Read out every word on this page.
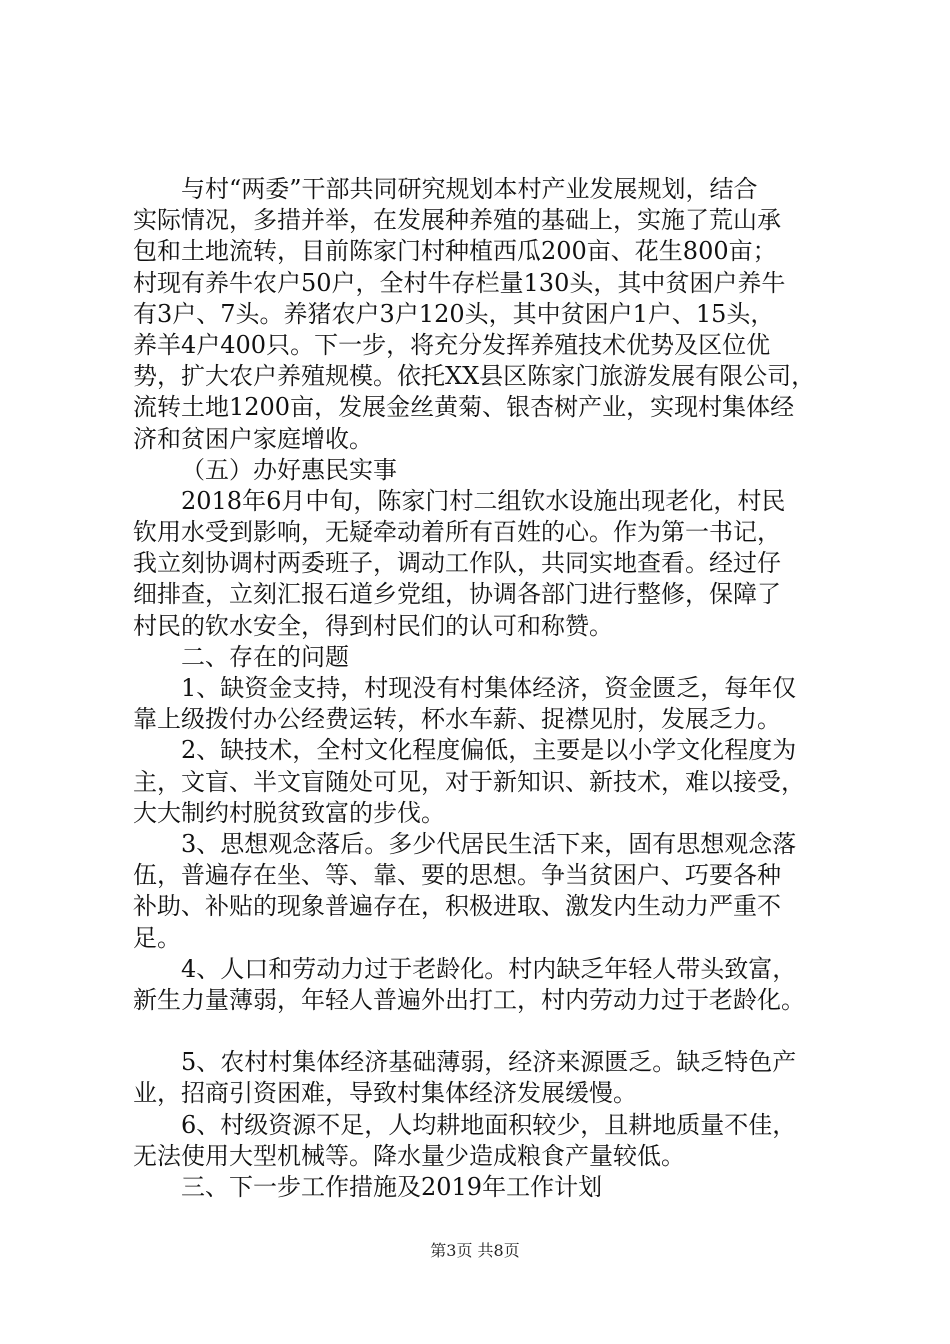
与村“两委”干部共同研究规划本村产业发展规划，结合
实际情况，多措并举，在发展种养殖的基础上，实施了荒山承
包和土地流转，目前陈家门村种植西瓜200亩、花生800亩；
村现有养牛农户50户，全村牛存栏量130头，其中贫困户养牛
有3户、7头。养猪农户3户120头，其中贫困户1户、15头，
养羊4户400只。下一步，将充分发挥养殖技术优势及区位优
势，扩大农户养殖规模。依托XX县区陈家门旅游发展有限公司，
流转土地1200亩，发展金丝黄菊、银杏树产业，实现村集体经
济和贫困户家庭增收。
（五）办好惠民实事
2018年6月中旬，陈家门村二组钦水设施出现老化，村民
钦用水受到影响，无疑牵动着所有百姓的心。作为第一书记，
我立刻协调村两委班子，调动工作队，共同实地查看。经过仔
细排查，立刻汇报石道乡党组，协调各部门进行整修，保障了
村民的钦水安全，得到村民们的认可和称赞。
二、存在的问题
1、缺资金支持，村现没有村集体经济，资金匮乏，每年仅
靠上级拨付办公经费运转，杯水车薪、捉襟见肘，发展乏力。
2、缺技术，全村文化程度偏低，主要是以小学文化程度为
主，文盲、半文盲随处可见，对于新知识、新技术，难以接受，
大大制约村脱贫致富的步伐。
3、思想观念落后。多少代居民生活下来，固有思想观念落
伍，普遍存在坐、等、靠、要的思想。争当贫困户、巧要各种
补助、补贴的现象普遍存在，积极进取、激发内生动力严重不
足。
4、人口和劳动力过于老龄化。村内缺乏年轻人带头致富，
新生力量薄弱，年轻人普遍外出打工，村内劳动力过于老龄化。
5、农村村集体经济基础薄弱，经济来源匮乏。缺乏特色产
业，招商引资困难，导致村集体经济发展缓慢。
6、村级资源不足，人均耕地面积较少，且耕地质量不佳，
无法使用大型机械等。降水量少造成粮食产量较低。
三、下一步工作措施及2019年工作计划
第3页 共8页
